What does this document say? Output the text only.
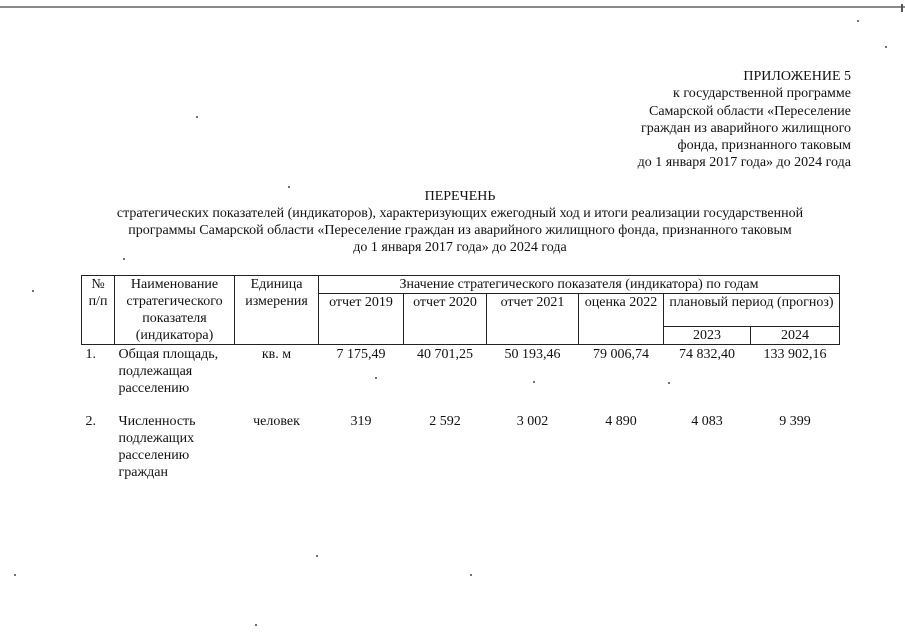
ПРИЛОЖЕНИЕ 5
к государственной программе
Самарской области «Переселение
граждан из аварийного жилищного
фонда, признанного таковым
до 1 января 2017 года» до 2024 года
ПЕРЕЧЕНЬ
стратегических показателей (индикаторов), характеризующих ежегодный ход и итоги реализации государственной
программы Самарской области «Переселение граждан из аварийного жилищного фонда, признанного таковым
до 1 января 2017 года» до 2024 года
№ п/п	Наименование стратегического показателя (индикатора)	Единица измерения	Значение стратегического показателя (индикатора) по годам					
			отчет 2019	отчет 2020	отчет 2021	оценка 2022	плановый период (прогноз)	
							2023	2024
1.	Общая площадь, подлежащая расселению	кв. м	7 175,49	40 701,25	50 193,46	79 006,74	74 832,40	133 902,16
2.	Численность подлежащих расселению граждан	человек	319	2 592	3 002	4 890	4 083	9 399
